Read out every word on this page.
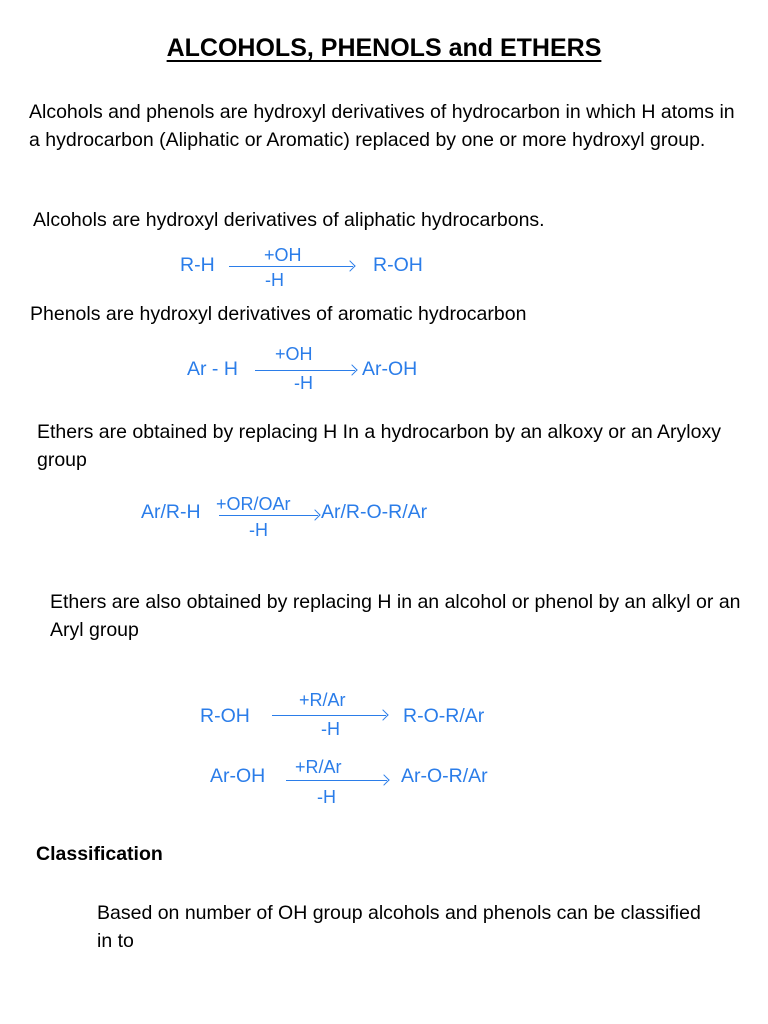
ALCOHOLS, PHENOLS and ETHERS
Alcohols and phenols are hydroxyl derivatives of hydrocarbon in which H atoms in a hydrocarbon (Aliphatic or Aromatic) replaced by one or more hydroxyl group.
Alcohols are hydroxyl derivatives of aliphatic hydrocarbons.
R-H	+OH
-H
R-OH
Phenols are hydroxyl derivatives of aromatic hydrocarbon
Ar - H
+OH
-H
Ar-OH
Ethers are obtained by replacing H In a hydrocarbon by an alkoxy or an Aryloxy group
Ar/R-H +OR/OAr
-H
Ar/R-O-R/Ar
Ethers are also obtained by replacing H in an alcohol or phenol by an alkyl or an Aryl group
R-OH
+R/Ar
-H
R-O-R/Ar
Ar-OH +R/Ar
-H
Ar-O-R/Ar
Classification
Based on number of OH group alcohols and phenols can be classified in to
